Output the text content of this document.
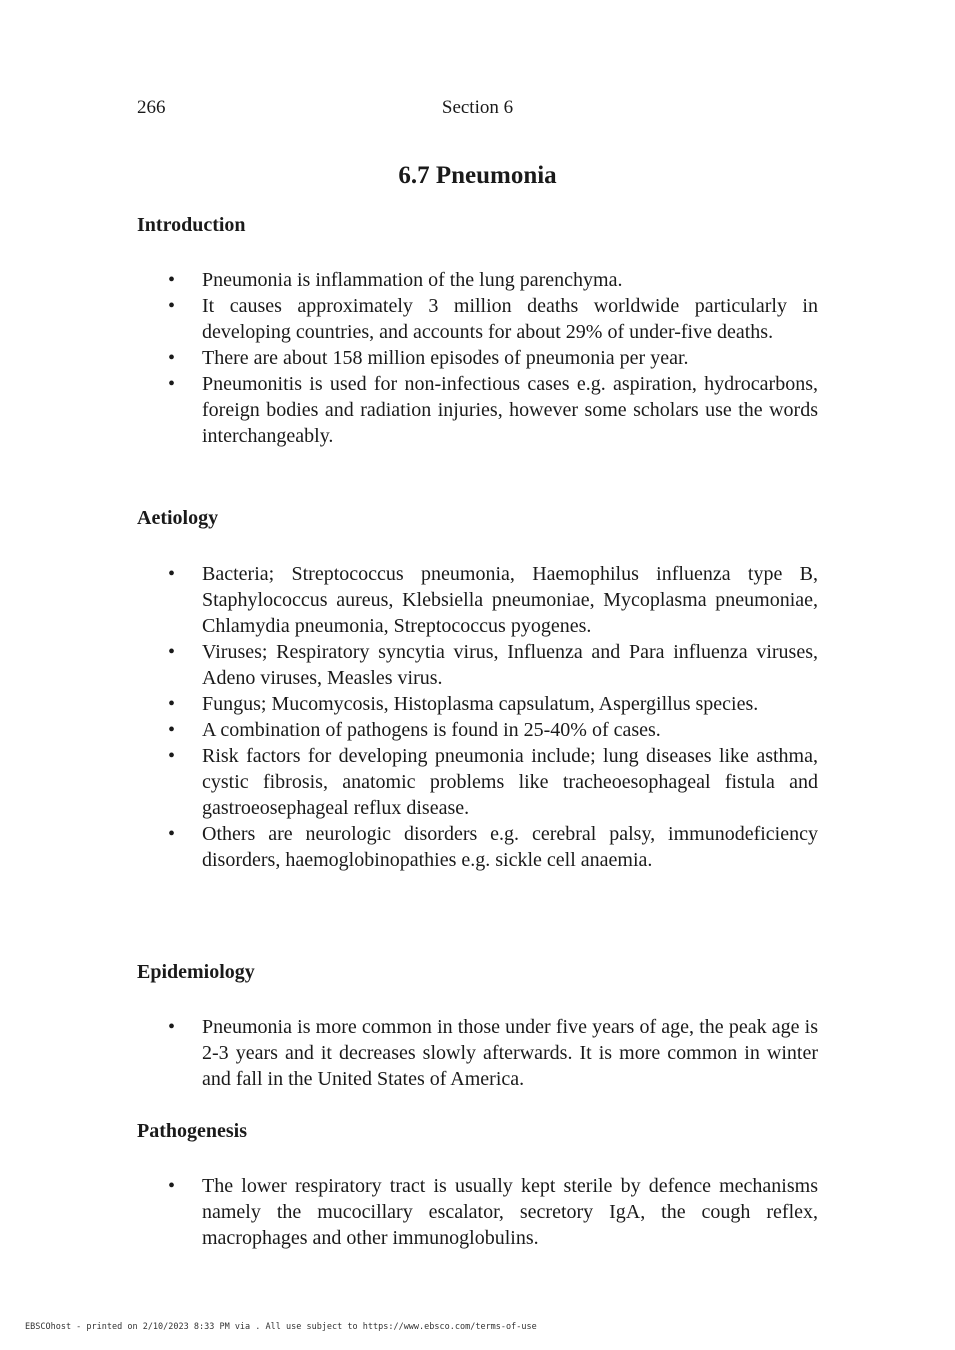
266	Section 6
6.7 Pneumonia
Introduction
• Pneumonia is inflammation of the lung parenchyma.
• It causes approximately 3 million deaths worldwide particularly in developing countries, and accounts for about 29% of under-five deaths.
• There are about 158 million episodes of pneumonia per year.
• Pneumonitis is used for non-infectious cases e.g. aspiration, hydrocarbons, foreign bodies and radiation injuries, however some scholars use the words interchangeably.
Aetiology
• Bacteria; Streptococcus pneumonia, Haemophilus influenza type B, Staphylococcus aureus, Klebsiella pneumoniae, Mycoplasma pneumoniae, Chlamydia pneumonia, Streptococcus pyogenes.
• Viruses; Respiratory syncytia virus, Influenza and Para influenza viruses, Adeno viruses, Measles virus.
• Fungus; Mucomycosis, Histoplasma capsulatum, Aspergillus species.
• A combination of pathogens is found in 25-40% of cases.
• Risk factors for developing pneumonia include; lung diseases like asthma, cystic fibrosis, anatomic problems like tracheoesophageal fistula and gastroeosephageal reflux disease.
• Others are neurologic disorders e.g. cerebral palsy, immunodeficiency disorders, haemoglobinopathies e.g. sickle cell anaemia.
Epidemiology
• Pneumonia is more common in those under five years of age, the peak age is 2-3 years and it decreases slowly afterwards. It is more common in winter and fall in the United States of America.
Pathogenesis
• The lower respiratory tract is usually kept sterile by defence mechanisms namely the mucocillary escalator, secretory IgA, the cough reflex, macrophages and other immunoglobulins.
EBSCOhost - printed on 2/10/2023 8:33 PM via . All use subject to https://www.ebsco.com/terms-of-use
